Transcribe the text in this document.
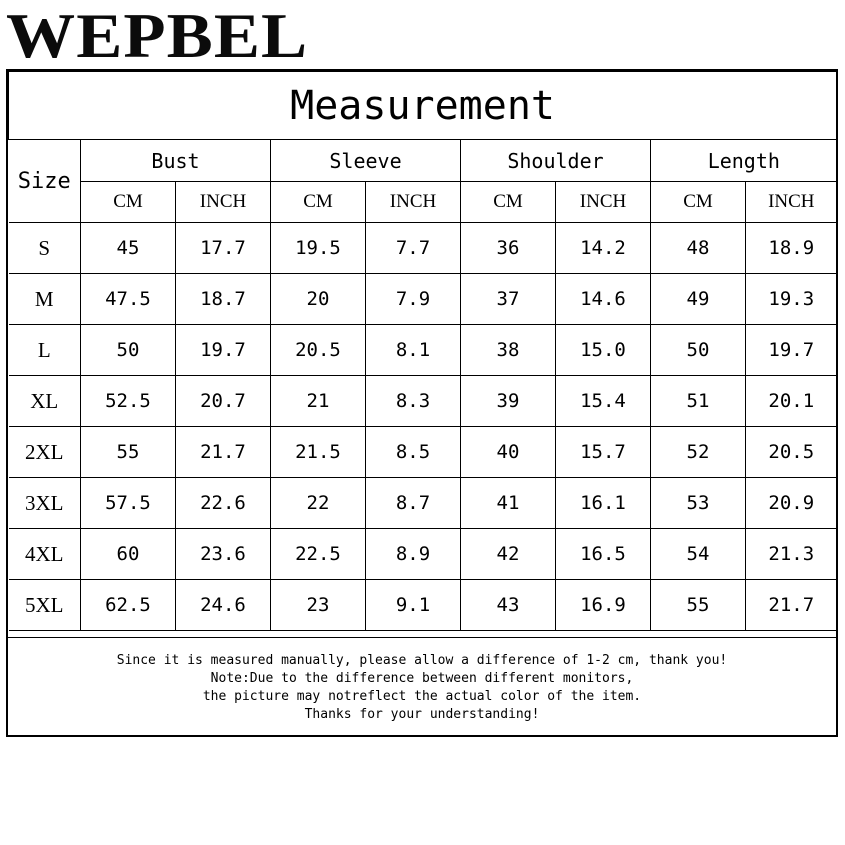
WEPBEL
Measurement								
Size	Bust		Sleeve		Shoulder		Length	
	CM	INCH	CM	INCH	CM	INCH	CM	INCH
S	45	17.7	19.5	7.7	36	14.2	48	18.9
M	47.5	18.7	20	7.9	37	14.6	49	19.3
L	50	19.7	20.5	8.1	38	15.0	50	19.7
XL	52.5	20.7	21	8.3	39	15.4	51	20.1
2XL	55	21.7	21.5	8.5	40	15.7	52	20.5
3XL	57.5	22.6	22	8.7	41	16.1	53	20.9
4XL	60	23.6	22.5	8.9	42	16.5	54	21.3
5XL	62.5	24.6	23	9.1	43	16.9	55	21.7
Since it is measured manually, please allow a difference of 1-2 cm, thank you!
Note:Due to the difference between different monitors,
the picture may notreflect the actual color of the item.
Thanks for your understanding!
